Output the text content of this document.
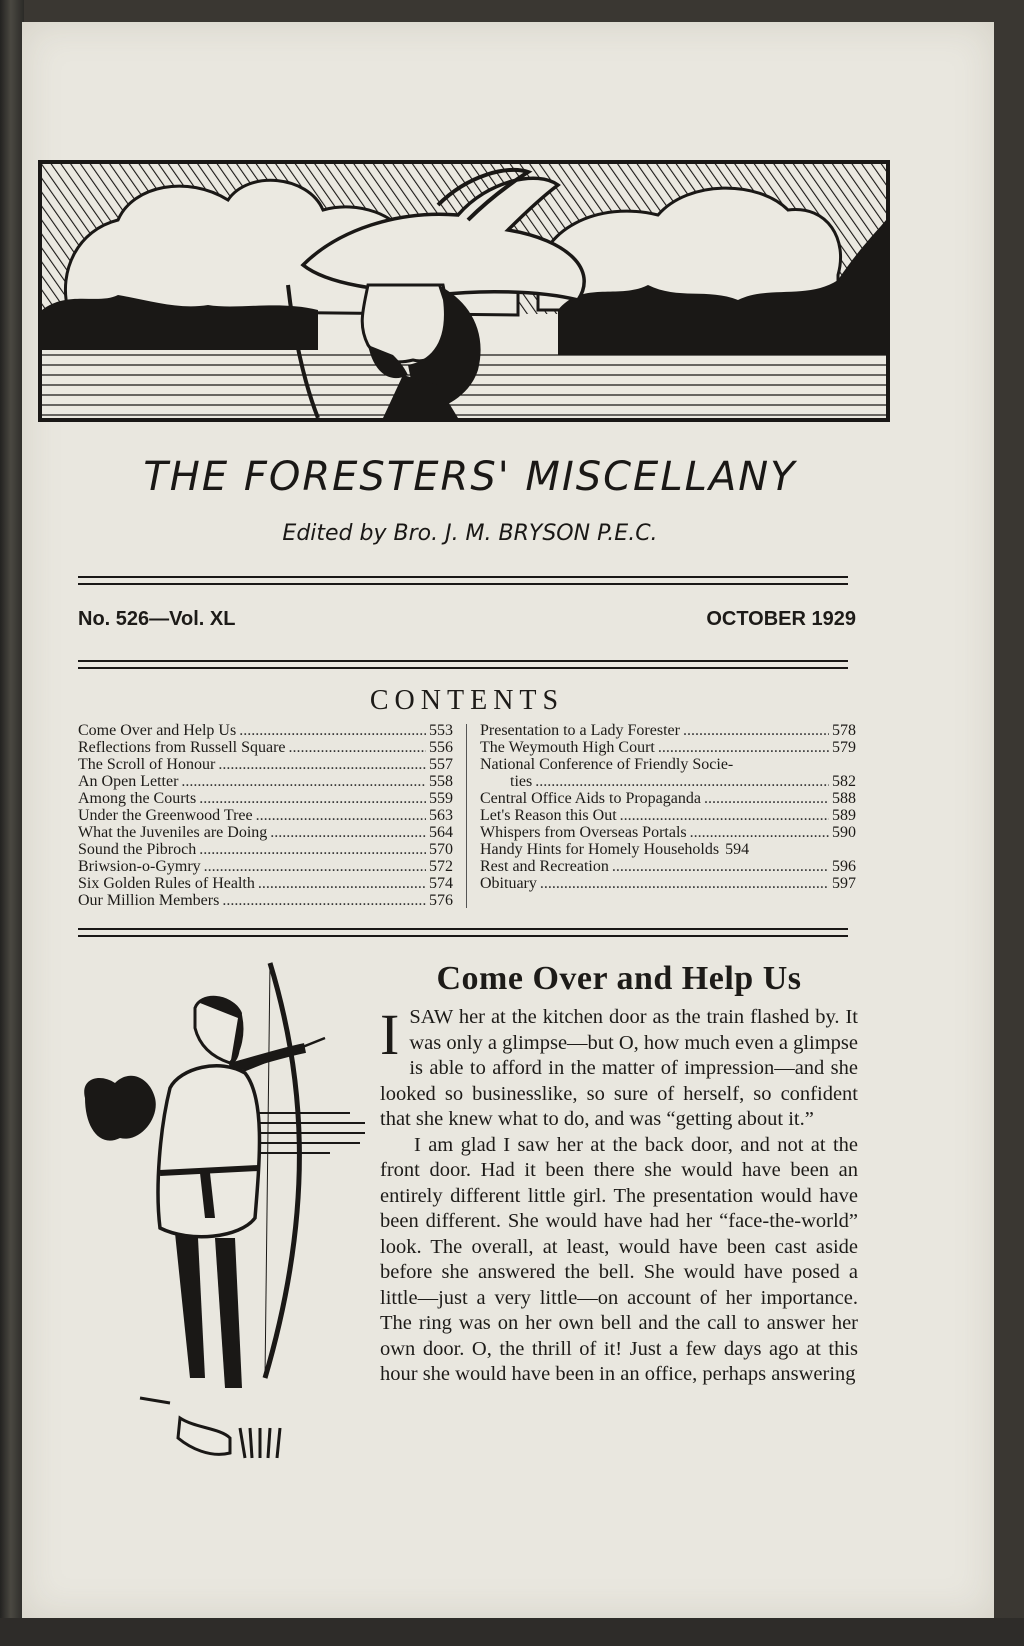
THE FORESTERS' MISCELLANY
Edited by Bro. J. M. BRYSON P.E.C.
No. 526—Vol. XL	OCTOBER 1929
CONTENTS
Come Over and Help Us .....	553
Reflections from Russell Square .....	556
The Scroll of Honour .....	557
An Open Letter .....	558
Among the Courts .....	559
Under the Greenwood Tree .....	563
What the Juveniles are Doing .....	564
Sound the Pibroch .....	570
Briwsion-o-Gymry .....	572
Six Golden Rules of Health .....	574
Our Million Members .....	576
Presentation to a Lady Forester .....	578
The Weymouth High Court .....	579
National Conference of Friendly Socie-
ties .....	582
Central Office Aids to Propaganda .....	588
Let's Reason this Out .....	589
Whispers from Overseas Portals .....	590
Handy Hints for Homely Households 594
Rest and Recreation .....	596
Obituary .....	597
Come Over and Help Us

ISAW her at the kitchen door as the train flashed by. It was only a glimpse—but O, how much even a glimpse is able to afford in the matter of impression—and she looked so businesslike, so sure of herself, so confident that she knew what to do, and was “getting about it.”

I am glad I saw her at the back door, and not at the front door. Had it been there she would have been an entirely different little girl. The presentation would have been different. She would have had her “face-the-world” look. The overall, at least, would have been cast aside before she answered the bell. She would have posed a little—just a very little—on account of her importance. The ring was on her own bell and the call to answer her own door. O, the thrill of it! Just a few days ago at this hour she would have been in an office, perhaps answering
